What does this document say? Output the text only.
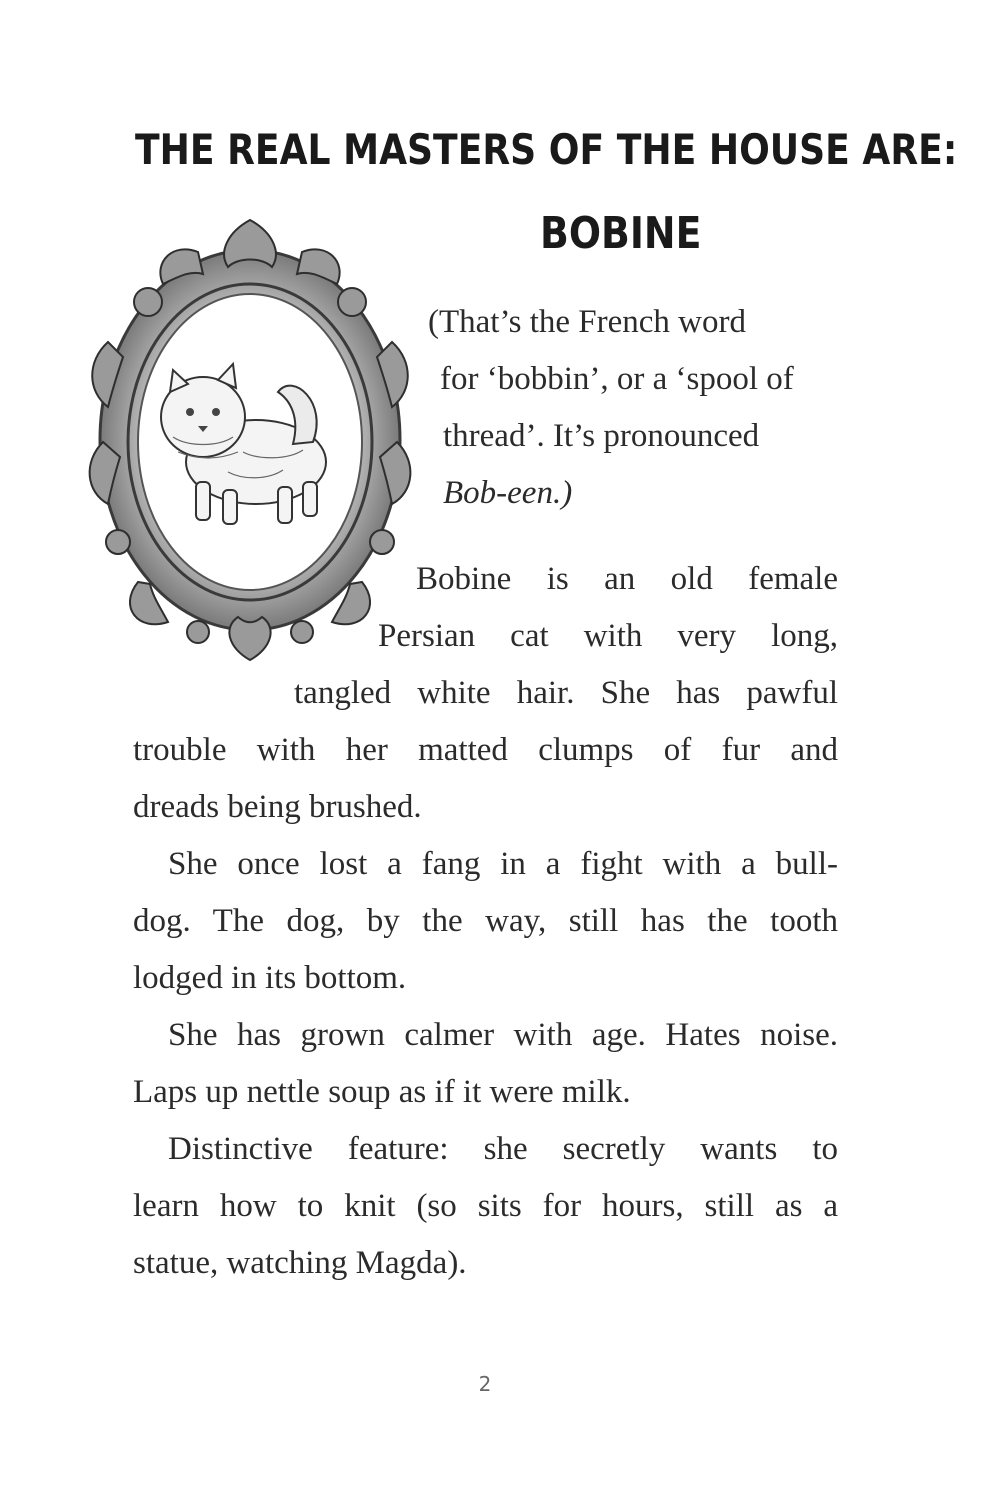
THE REAL MASTERS OF THE HOUSE ARE:
BOBINE
(That’s the French word
for ‘bobbin’, or a ‘spool of
thread’. It’s pronounced
Bob-een.)
Bobine is an old female
Persian cat with very long,
tangled white hair. She has pawful
trouble with her matted clumps of fur and
dreads being brushed.
She once lost a fang in a fight with a bull-
dog. The dog, by the way, still has the tooth
lodged in its bottom.
She has grown calmer with age. Hates noise.
Laps up nettle soup as if it were milk.
Distinctive feature: she secretly wants to
learn how to knit (so sits for hours, still as a
statue, watching Magda).
2
